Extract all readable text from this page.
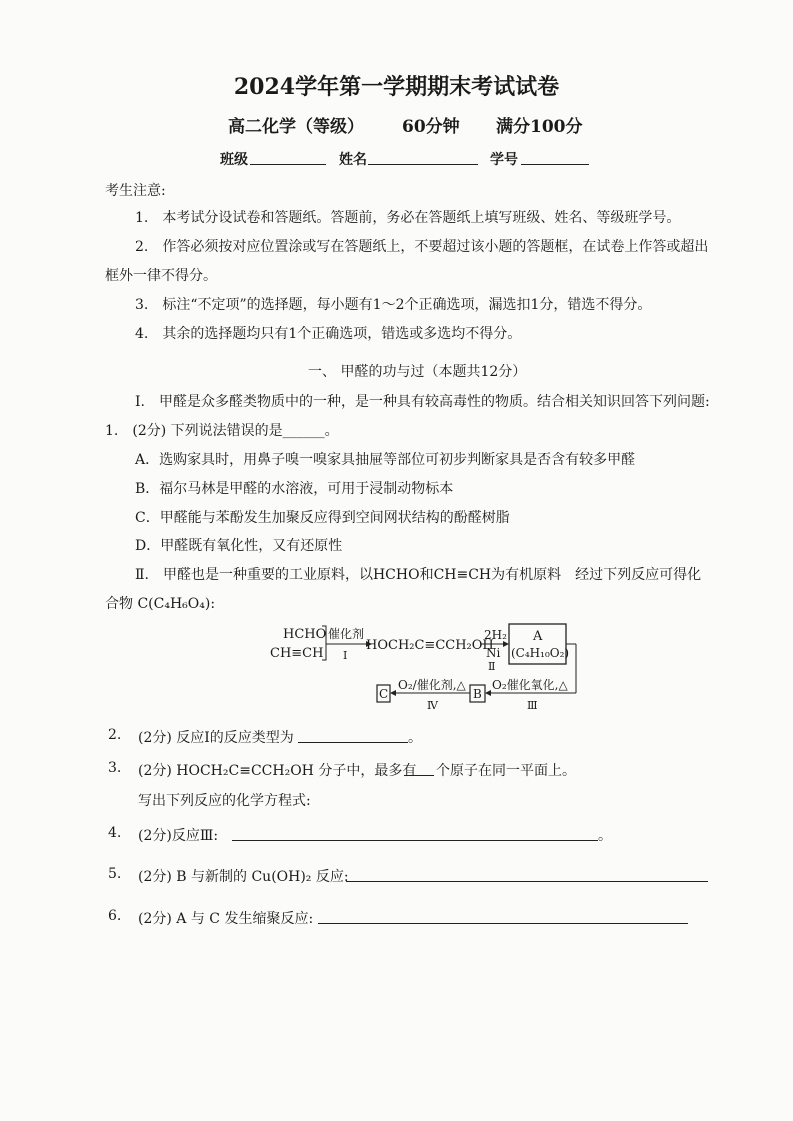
2024学年第一学期期末考试试卷
高二化学（等级） 60分钟 满分100分
班级	姓名	学号
考生注意:
1.　本考试分设试卷和答题纸。答题前，务必在答题纸上填写班级、姓名、等级班学号。
2.　作答必须按对应位置涂或写在答题纸上，不要超过该小题的答题框，在试卷上作答或超出
框外一律不得分。
3.　标注“不定项”的选择题，每小题有1～2个正确选项，漏选扣1分，错选不得分。
4.　其余的选择题均只有1个正确选项，错选或多选均不得分。
一、 甲醛的功与过（本题共12分）
Ⅰ.　甲醛是众多醛类物质中的一种，是一种具有较高毒性的物质。结合相关知识回答下列问题:
1.　(2分) 下列说法错误的是______。
A．选购家具时，用鼻子嗅一嗅家具抽屉等部位可初步判断家具是否含有较多甲醛
B．福尔马林是甲醛的水溶液，可用于浸制动物标本
C．甲醛能与苯酚发生加聚反应得到空间网状结构的酚醛树脂
D．甲醛既有氧化性，又有还原性
Ⅱ.　甲醛也是一种重要的工业原料，以HCHO和CH≡CH为有机原料　经过下列反应可得化
合物 C(C₄H₆O₄):
HCHO
CH≡CH
催化剂
Ⅰ
HOCH₂C≡CCH₂OH
2H₂
Ni
Ⅱ
A
(C₄H₁₀O₂)
O₂催化氧化,△
Ⅲ
B
O₂/催化剂,△
Ⅳ
C
2. (2分) 反应Ⅰ的反应类型为	。
3. (2分) HOCH₂C≡CCH₂OH 分子中，最多有 个原子在同一平面上。
写出下列反应的化学方程式:
4. (2分)反应Ⅲ:	。
5. (2分) B 与新制的 Cu(OH)₂ 反应:
6. (2分) A 与 C 发生缩聚反应:
